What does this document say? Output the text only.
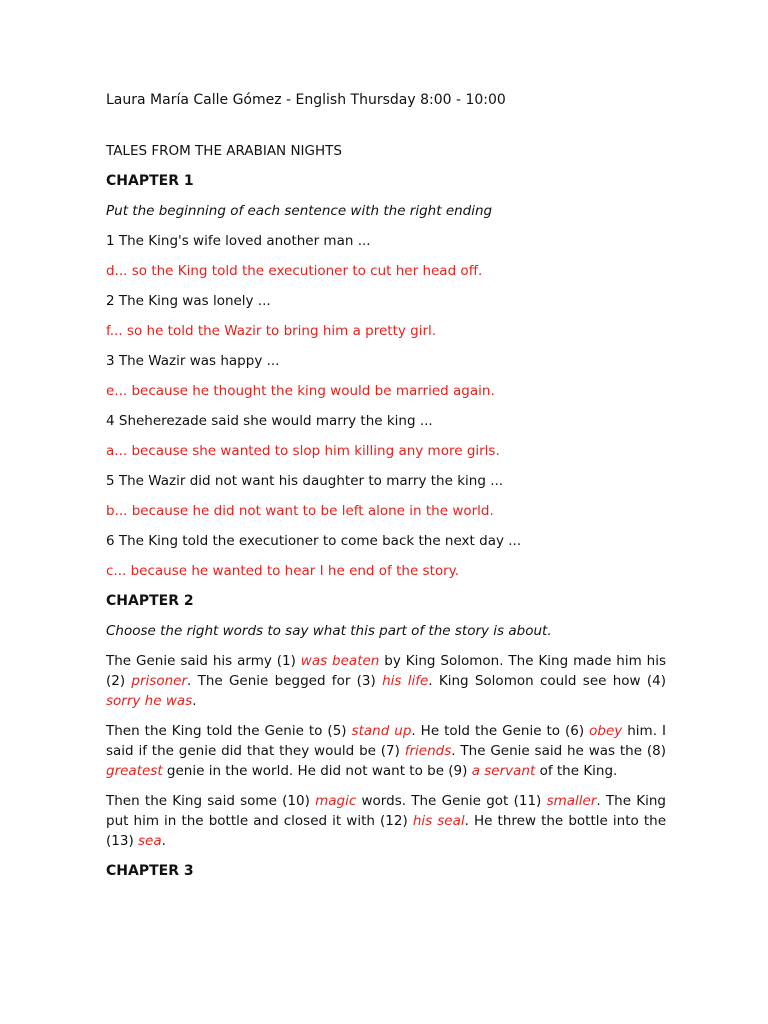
Laura María Calle Gómez - English Thursday 8:00 - 10:00
TALES FROM THE ARABIAN NIGHTS
CHAPTER 1
Put the beginning of each sentence with the right ending
1 The King's wife loved another man ...
d... so the King told the executioner to cut her head off.
2 The King was lonely ...
f... so he told the Wazir to bring him a pretty girl.
3 The Wazir was happy ...
e... because he thought the king would be married again.
4 Sheherezade said she would marry the king ...
a... because she wanted to slop him killing any more girls.
5 The Wazir did not want his daughter to marry the king ...
b... because he did not want to be left alone in the world.
6 The King told the executioner to come back the next day ...
c... because he wanted to hear I he end of the story.
CHAPTER 2
Choose the right words to say what this part of the story is about.
The Genie said his army (1) was beaten by King Solomon. The King made him his (2) prisoner. The Genie begged for (3) his life. King Solomon could see how (4) sorry he was.
Then the King told the Genie to (5) stand up. He told the Genie to (6) obey him. I said if the genie did that they would be (7) friends. The Genie said he was the (8) greatest genie in the world. He did not want to be (9) a servant of the King.
Then the King said some (10) magic words. The Genie got (11) smaller. The King put him in the bottle and closed it with (12) his seal. He threw the bottle into the (13) sea.
CHAPTER 3
